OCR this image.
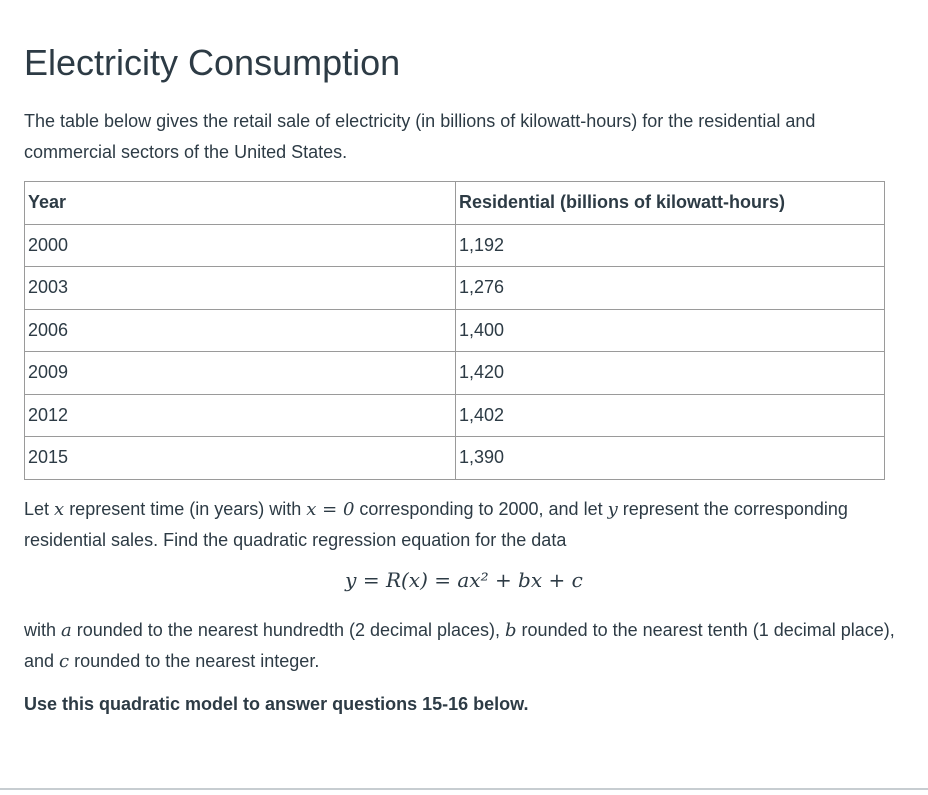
Electricity Consumption
The table below gives the retail sale of electricity (in billions of kilowatt-hours) for the residential and commercial sectors of the United States.
Year	Residential (billions of kilowatt-hours)
2000	1,192
2003	1,276
2006	1,400
2009	1,420
2012	1,402
2015	1,390
Let x represent time (in years) with x = 0 corresponding to 2000, and let y represent the corresponding residential sales. Find the quadratic regression equation for the data
y = R(x) = ax² + bx + c
with a rounded to the nearest hundredth (2 decimal places), b rounded to the nearest tenth (1 decimal place), and c rounded to the nearest integer.
Use this quadratic model to answer questions 15-16 below.
